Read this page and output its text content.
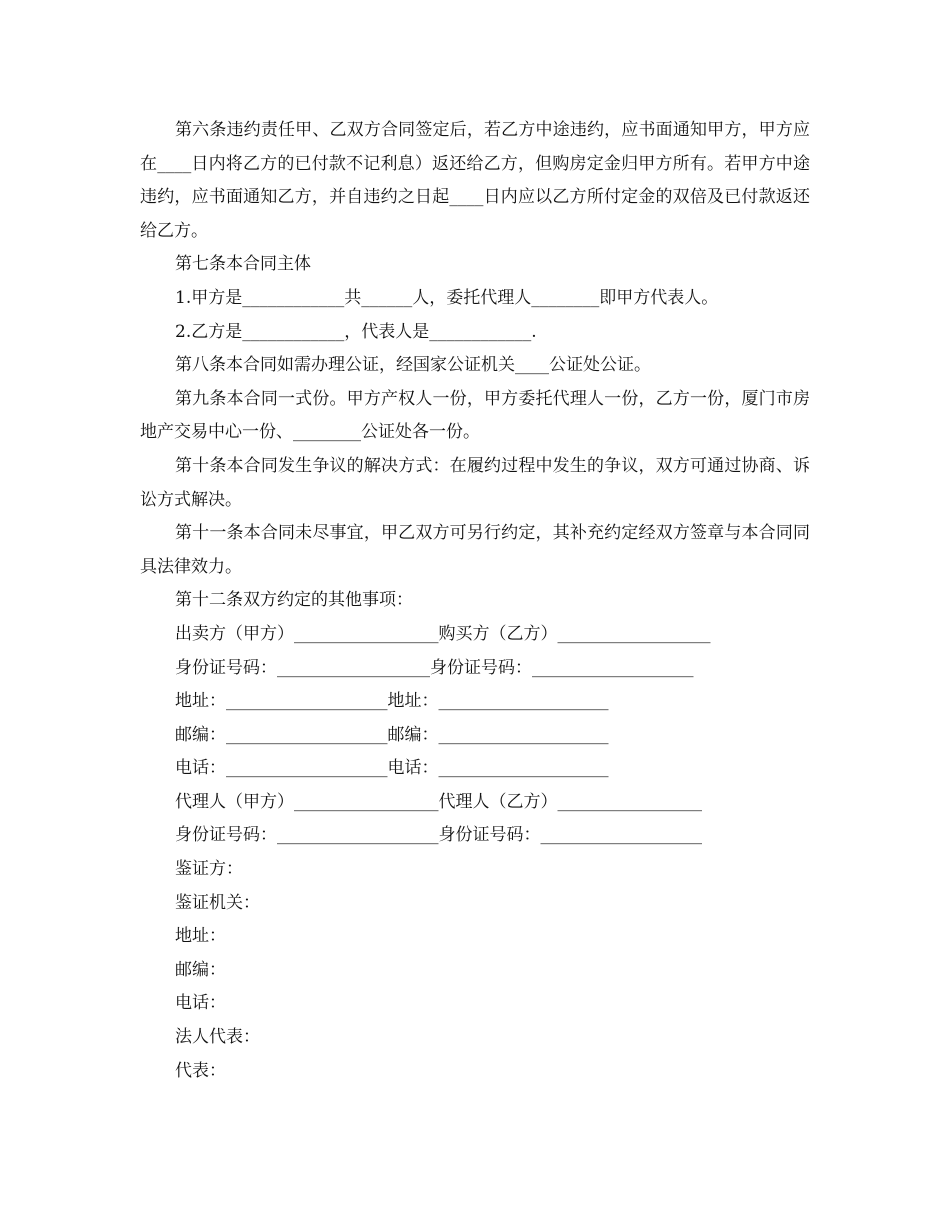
第六条违约责任甲、乙双方合同签定后，若乙方中途违约，应书面通知甲方，甲方应在____日内将乙方的已付款不记利息）返还给乙方，但购房定金归甲方所有。若甲方中途违约，应书面通知乙方，并自违约之日起____日内应以乙方所付定金的双倍及已付款返还给乙方。

第七条本合同主体

1.甲方是____________共______人，委托代理人________即甲方代表人。

2.乙方是____________，代表人是____________.

第八条本合同如需办理公证，经国家公证机关____公证处公证。

第九条本合同一式份。甲方产权人一份，甲方委托代理人一份，乙方一份，厦门市房地产交易中心一份、________公证处各一份。

第十条本合同发生争议的解决方式：在履约过程中发生的争议，双方可通过协商、诉讼方式解决。

第十一条本合同未尽事宜，甲乙双方可另行约定，其补充约定经双方签章与本合同同具法律效力。

第十二条双方约定的其他事项：

出卖方（甲方）_________________购买方（乙方）__________________

身份证号码：__________________身份证号码：___________________

地址：___________________地址：____________________

邮编：___________________邮编：____________________

电话：___________________电话：____________________

代理人（甲方）_________________代理人（乙方）_________________

身份证号码：___________________身份证号码：___________________

鉴证方：

鉴证机关：

地址：

邮编：

电话：

法人代表：

代表：
